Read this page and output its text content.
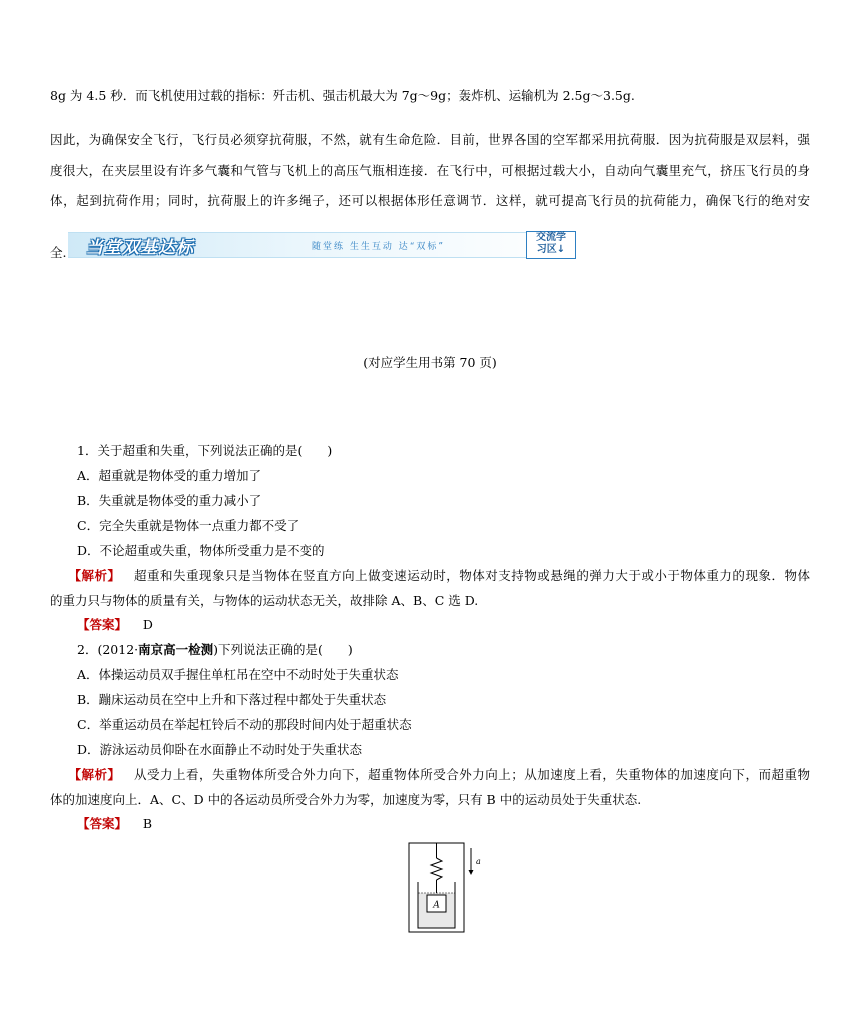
8g 为 4.5 秒．而飞机使用过载的指标：歼击机、强击机最大为 7g～9g；轰炸机、运输机为 2.5g～3.5g.
因此，为确保安全飞行，飞行员必须穿抗荷服，不然，就有生命危险．目前，世界各国的空军都采用抗荷服．因为抗荷服是双层料，强
度很大，在夹层里设有许多气囊和气管与飞机上的高压气瓶相连接．在飞行中，可根据过载大小，自动向气囊里充气，挤压飞行员的身
体，起到抗荷作用；同时，抗荷服上的许多绳子，还可以根据体形任意调节．这样，就可提高飞行员的抗荷能力，确保飞行的绝对安
全. 当堂双基达标	随堂练 生生互动 达“双标”
交流学
习区↓
(对应学生用书第 70 页)
1．关于超重和失重，下列说法正确的是(　　)
A．超重就是物体受的重力增加了
B．失重就是物体受的重力减小了
C．完全失重就是物体一点重力都不受了
D．不论超重或失重，物体所受重力是不变的
【解析】 超重和失重现象只是当物体在竖直方向上做变速运动时，物体对支持物或悬绳的弹力大于或小于物体重力的现象．物体
的重力只与物体的质量有关，与物体的运动状态无关，故排除 A、B、C 选 D.
【答案】 D
2．(2012·南京高一检测)下列说法正确的是(　　)
A．体操运动员双手握住单杠吊在空中不动时处于失重状态
B．蹦床运动员在空中上升和下落过程中都处于失重状态
C．举重运动员在举起杠铃后不动的那段时间内处于超重状态
D．游泳运动员仰卧在水面静止不动时处于失重状态
【解析】 从受力上看，失重物体所受合外力向下，超重物体所受合外力向上；从加速度上看，失重物体的加速度向下，而超重物
体的加速度向上．A、C、D 中的各运动员所受合外力为零，加速度为零，只有 B 中的运动员处于失重状态.
【答案】 B
A
a
